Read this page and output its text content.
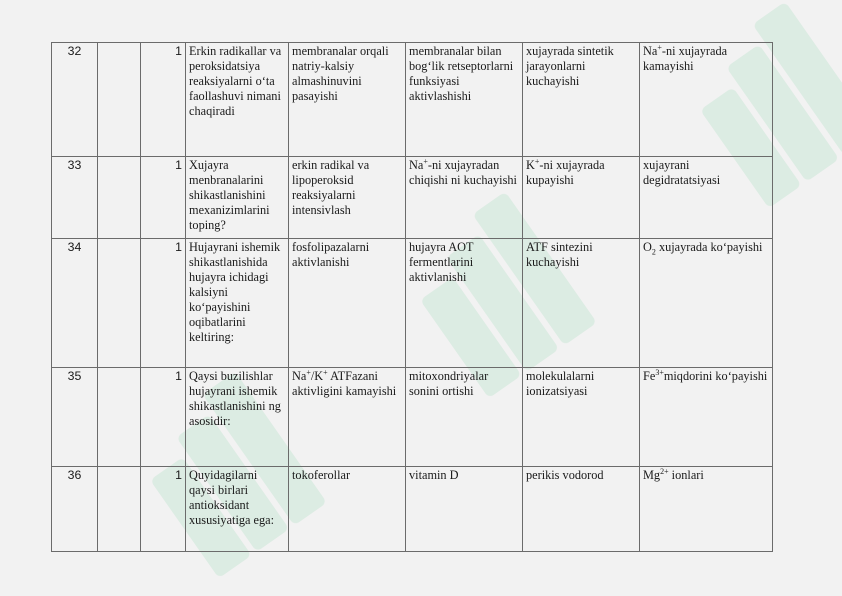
32		1	Erkin radikallar va peroksidatsiya reaksiyalarni o‘ta faollashuvi nimani chaqiradi	membranalar orqali natriy-kalsiy almashinuvini pasayishi	membranalar bilan bog‘lik retseptorlarni funksiyasi aktivlashishi	xujayrada sintetik jarayonlarni kuchayishi	Na+-ni xujayrada kamayishi
33		1	Xujayra menbranalarini shikastlanishini mexanizimlarini toping?	erkin radikal va lipoperoksid reaksiyalarni intensivlash	Na+-ni xujayradan chiqishi ni kuchayishi	K+-ni xujayrada kupayishi	xujayrani degidratatsiyasi
34		1	Hujayrani ishemik shikastlanishida hujayra ichidagi kalsiyni ko‘payishini oqibatlarini keltiring:	fosfolipazalarni aktivlanishi	hujayra AOT fermentlarini aktivlanishi	ATF sintezini kuchayishi	$O_2$ xujayrada ko‘payishi
35		1	Qaysi buzilishlar hujayrani ishemik shikastlanishini ng asosidir:	Na+/K+ ATFazani aktivligini kamayishi	mitoxondriyalar sonini ortishi	molekulalarni ionizatsiyasi	$Fe^{3+}miqdorini$ ko‘payishi
36		1	Quyidagilarni qaysi birlari antioksidant xususiyatiga ega:	tokoferollar	vitamin D	perikis vodorod	$Mg^{2+}$ ionlari
